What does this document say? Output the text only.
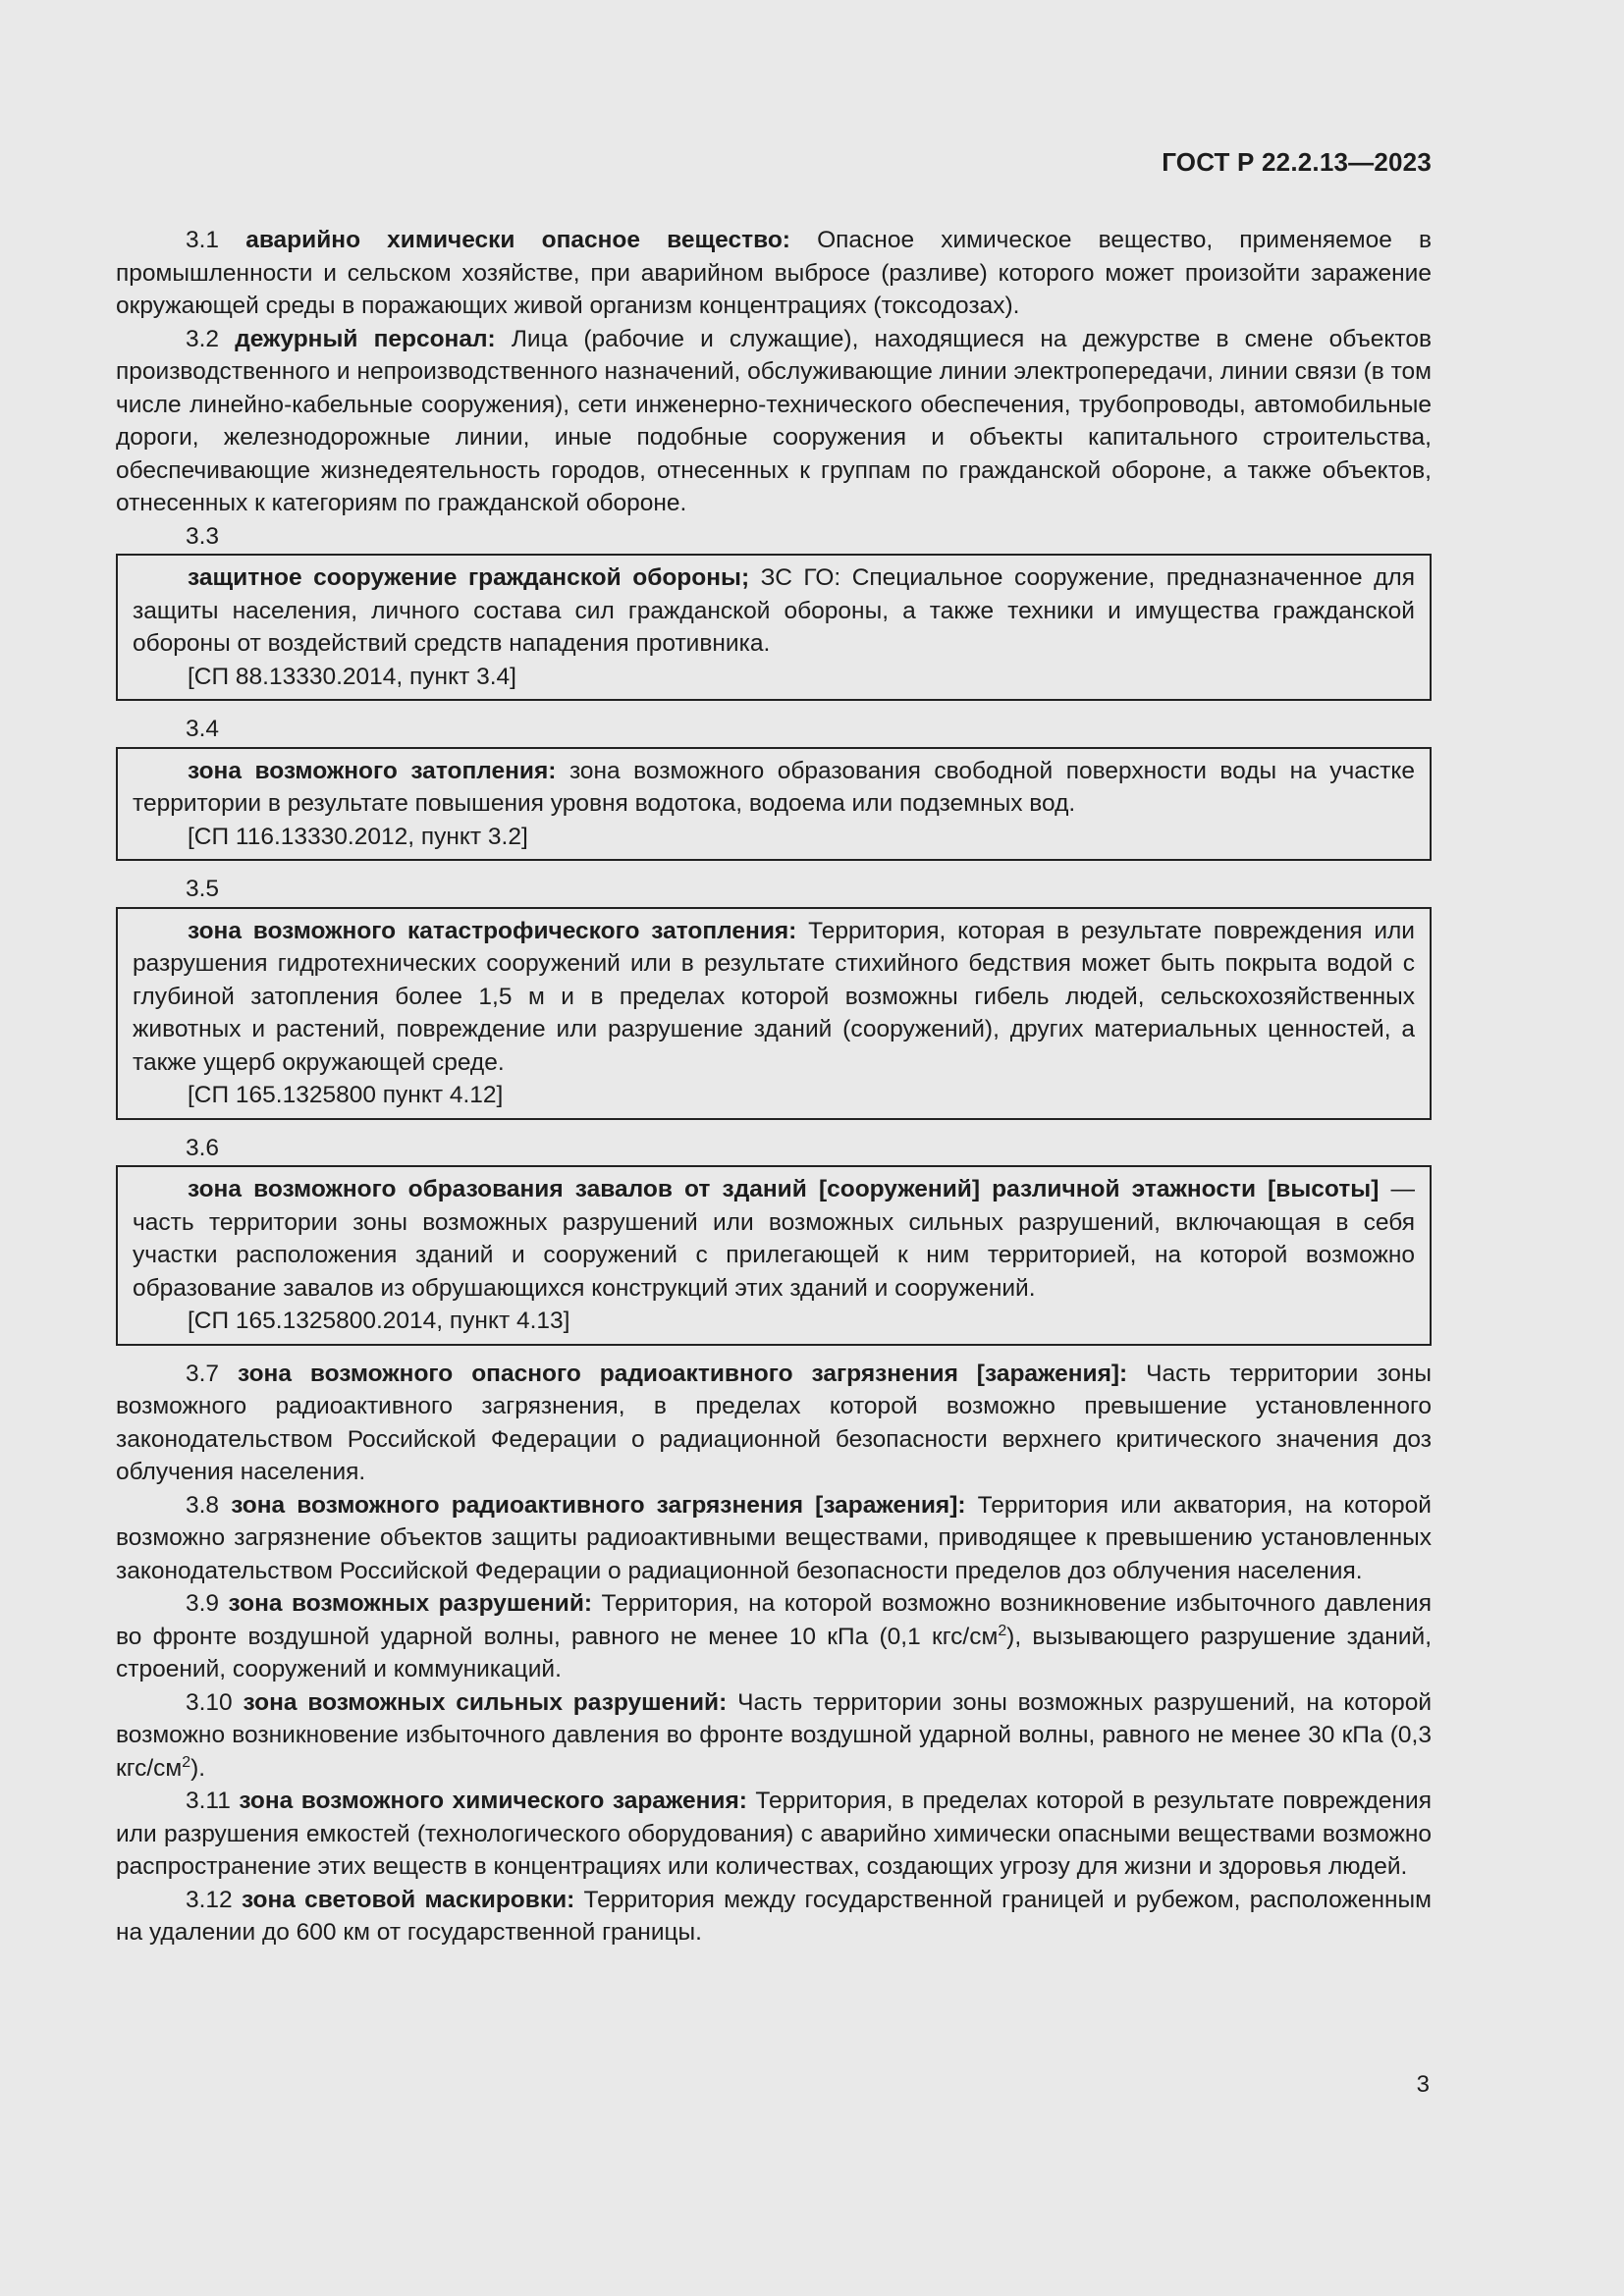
ГОСТ Р 22.2.13—2023

3.1 аварийно химически опасное вещество: Опасное химическое вещество, применяемое в промышленности и сельском хозяйстве, при аварийном выбросе (разливе) которого может произойти заражение окружающей среды в поражающих живой организм концентрациях (токсодозах).

3.2 дежурный персонал: Лица (рабочие и служащие), находящиеся на дежурстве в смене объектов производственного и непроизводственного назначений, обслуживающие линии электропередачи, линии связи (в том числе линейно-кабельные сооружения), сети инженерно-технического обеспечения, трубопроводы, автомобильные дороги, железнодорожные линии, иные подобные сооружения и объекты капитального строительства, обеспечивающие жизнедеятельность городов, отнесенных к группам по гражданской обороне, а также объектов, отнесенных к категориям по гражданской обороне.

3.3

защитное сооружение гражданской обороны; ЗС ГО: Специальное сооружение, предназначенное для защиты населения, личного состава сил гражданской обороны, а также техники и имущества гражданской обороны от воздействий средств нападения противника.

[СП 88.13330.2014, пункт 3.4]

3.4

зона возможного затопления: зона возможного образования свободной поверхности воды на участке территории в результате повышения уровня водотока, водоема или подземных вод.

[СП 116.13330.2012, пункт 3.2]

3.5

зона возможного катастрофического затопления: Территория, которая в результате повреждения или разрушения гидротехнических сооружений или в результате стихийного бедствия может быть покрыта водой с глубиной затопления более 1,5 м и в пределах которой возможны гибель людей, сельскохозяйственных животных и растений, повреждение или разрушение зданий (сооружений), других материальных ценностей, а также ущерб окружающей среде.

[СП 165.1325800 пункт 4.12]

3.6

зона возможного образования завалов от зданий [сооружений] различной этажности [высоты] — часть территории зоны возможных разрушений или возможных сильных разрушений, включающая в себя участки расположения зданий и сооружений с прилегающей к ним территорией, на которой возможно образование завалов из обрушающихся конструкций этих зданий и сооружений.

[СП 165.1325800.2014, пункт 4.13]

3.7 зона возможного опасного радиоактивного загрязнения [заражения]: Часть территории зоны возможного радиоактивного загрязнения, в пределах которой возможно превышение установленного законодательством Российской Федерации о радиационной безопасности верхнего критического значения доз облучения населения.

3.8 зона возможного радиоактивного загрязнения [заражения]: Территория или акватория, на которой возможно загрязнение объектов защиты радиоактивными веществами, приводящее к превышению установленных законодательством Российской Федерации о радиационной безопасности пределов доз облучения населения.

3.9 зона возможных разрушений: Территория, на которой возможно возникновение избыточного давления во фронте воздушной ударной волны, равного не менее 10 кПа (0,1 кгс/$см^2$), вызывающего разрушение зданий, строений, сооружений и коммуникаций.

3.10 зона возможных сильных разрушений: Часть территории зоны возможных разрушений, на которой возможно возникновение избыточного давления во фронте воздушной ударной волны, равного не менее 30 кПа (0,3 кгс/$см^2$).

3.11 зона возможного химического заражения: Территория, в пределах которой в результате повреждения или разрушения емкостей (технологического оборудования) с аварийно химически опасными веществами возможно распространение этих веществ в концентрациях или количествах, создающих угрозу для жизни и здоровья людей.

3.12 зона световой маскировки: Территория между государственной границей и рубежом, расположенным на удалении до 600 км от государственной границы.

3
